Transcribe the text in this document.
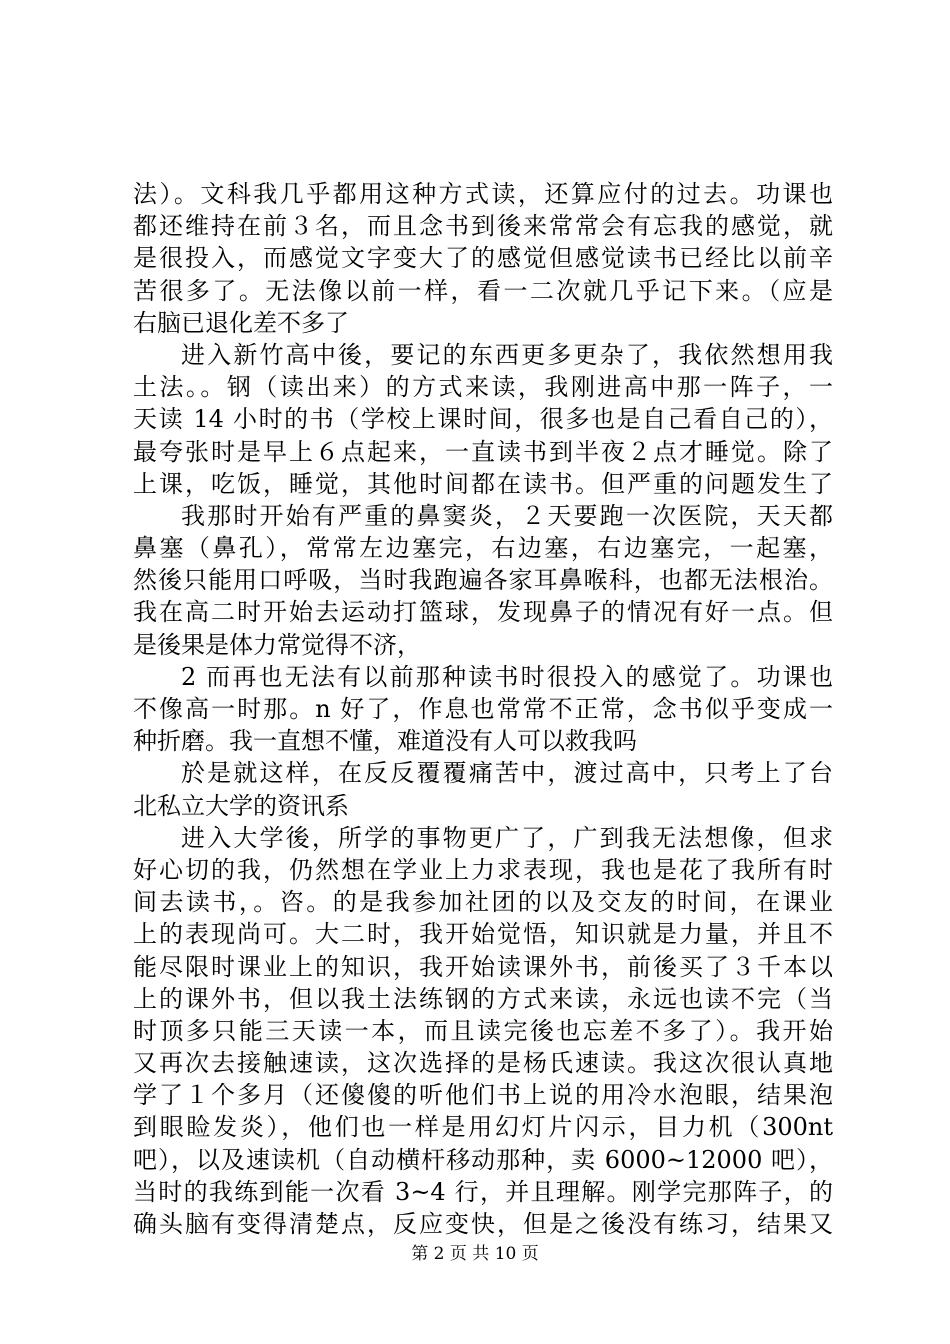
法）。文科我几乎都用这种方式读，还算应付的过去。功课也
都还维持在前３名，而且念书到後来常常会有忘我的感觉，就
是很投入，而感觉文字变大了的感觉但感觉读书已经比以前辛
苦很多了。无法像以前一样，看一二次就几乎记下来。（应是
右脑已退化差不多了
进入新竹高中後，要记的东西更多更杂了，我依然想用我
土法。。钢（读出来）的方式来读，我刚进高中那一阵子，一
天读 14 小时的书（学校上课时间，很多也是自己看自己的），
最夸张时是早上６点起来，一直读书到半夜２点才睡觉。除了
上课，吃饭，睡觉，其他时间都在读书。但严重的问题发生了
我那时开始有严重的鼻窦炎，２天要跑一次医院，天天都
鼻塞（鼻孔），常常左边塞完，右边塞，右边塞完，一起塞，
然後只能用口呼吸，当时我跑遍各家耳鼻喉科，也都无法根治。
我在高二时开始去运动打篮球，发现鼻子的情况有好一点。但
是後果是体力常觉得不济，
2 而再也无法有以前那种读书时很投入的感觉了。功课也
不像高一时那。n 好了，作息也常常不正常，念书似乎变成一
种折磨。我一直想不懂，难道没有人可以救我吗
於是就这样，在反反覆覆痛苦中，渡过高中，只考上了台
北私立大学的资讯系
进入大学後，所学的事物更广了，广到我无法想像，但求
好心切的我，仍然想在学业上力求表现，我也是花了我所有时
间去读书，。咨。的是我参加社团的以及交友的时间，在课业
上的表现尚可。大二时，我开始觉悟，知识就是力量，并且不
能尽限时课业上的知识，我开始读课外书，前後买了３千本以
上的课外书，但以我土法练钢的方式来读，永远也读不完（当
时顶多只能三天读一本，而且读完後也忘差不多了）。我开始
又再次去接触速读，这次选择的是杨氏速读。我这次很认真地
学了１个多月（还傻傻的听他们书上说的用冷水泡眼，结果泡
到眼睑发炎），他们也一样是用幻灯片闪示，目力机（300nt
吧），以及速读机（自动横杆移动那种，卖 6000~12000 吧），
当时的我练到能一次看 3~4 行，并且理解。刚学完那阵子，的
确头脑有变得清楚点，反应变快，但是之後没有练习，结果又
第 2 页 共 10 页
